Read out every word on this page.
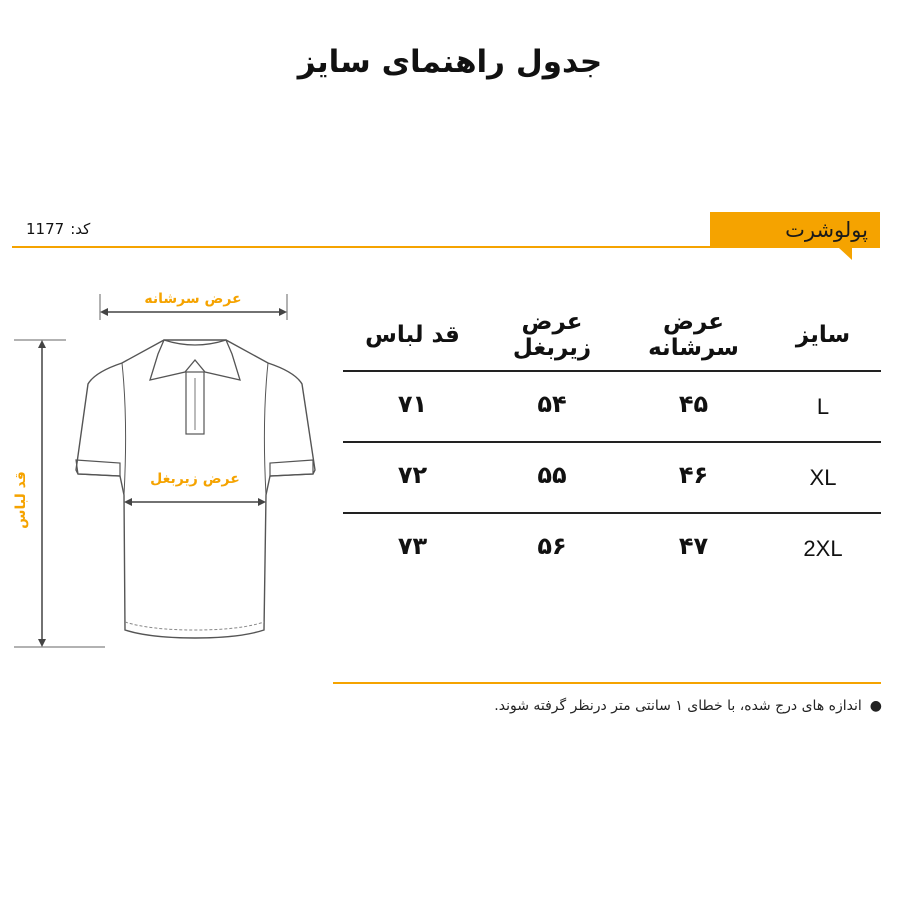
جدول راهنمای سایز
کد:
1177	پولوشرت
عرض سرشانه
قد لباس	عرض زیربغل
سایز	عرض سرشانه	عرض زیربغل	قد لباس
L	۴۵	۵۴	۷۱
XL	۴۶	۵۵	۷۲
2XL	۴۷	۵۶	۷۳
●
اندازه های درج شده، با خطای ۱ سانتی متر درنظر گرفته شوند.
